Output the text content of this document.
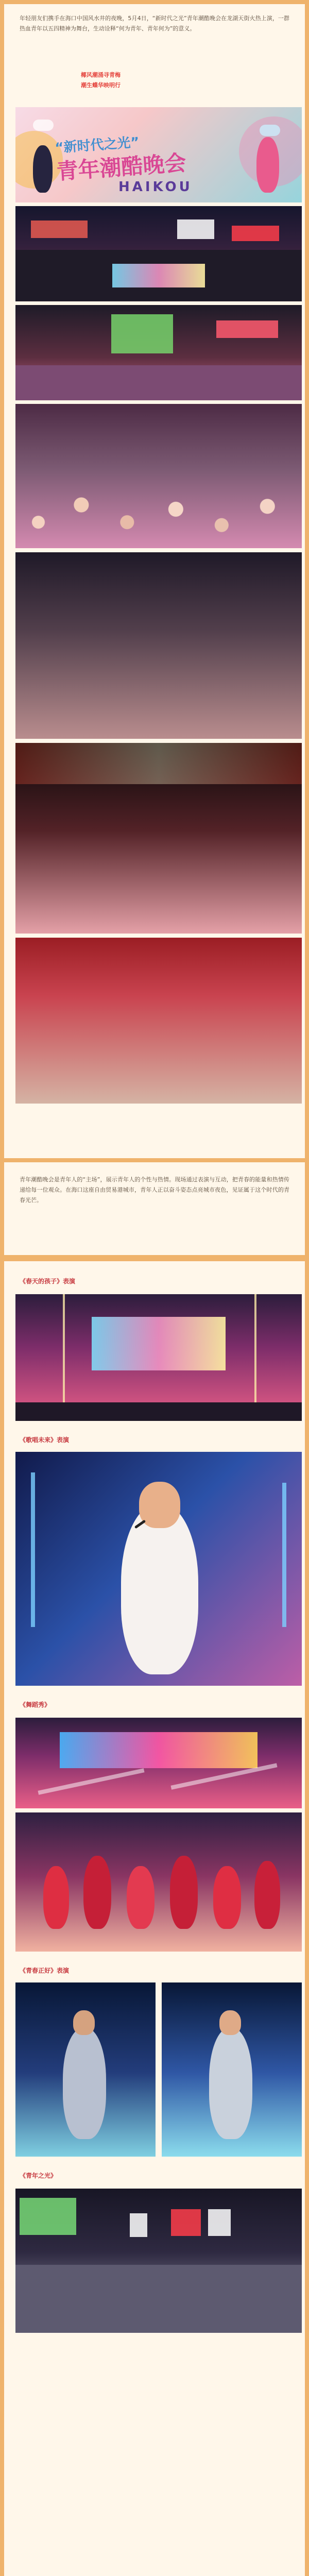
年轻朋友们携手在海口中国风水井的夜晚，5月4日，“新时代之光”青年潮酷晚会在龙湖天街火热上演，一群热血青年以五四精神为舞台，生动诠释“何为青年、青年何为”的意义。

椰风潮涌寻青梅
潮生蝶华映明行
“新时代之光”
青年潮酷晚会
HAIKOU

青年潮酷晚会是青年人的“主场”，展示青年人的个性与热情。现场通过表演与互动，把青春的能量和热情传递给每一位观众。在海口这座自由贸易港城市，青年人正以奋斗姿态点亮城市夜色，见证属于这个时代的青春光芒。

《春天的孩子》表演
《歌唱未来》表演
《舞蹈秀》
《青春正好》表演
《青年之光》
